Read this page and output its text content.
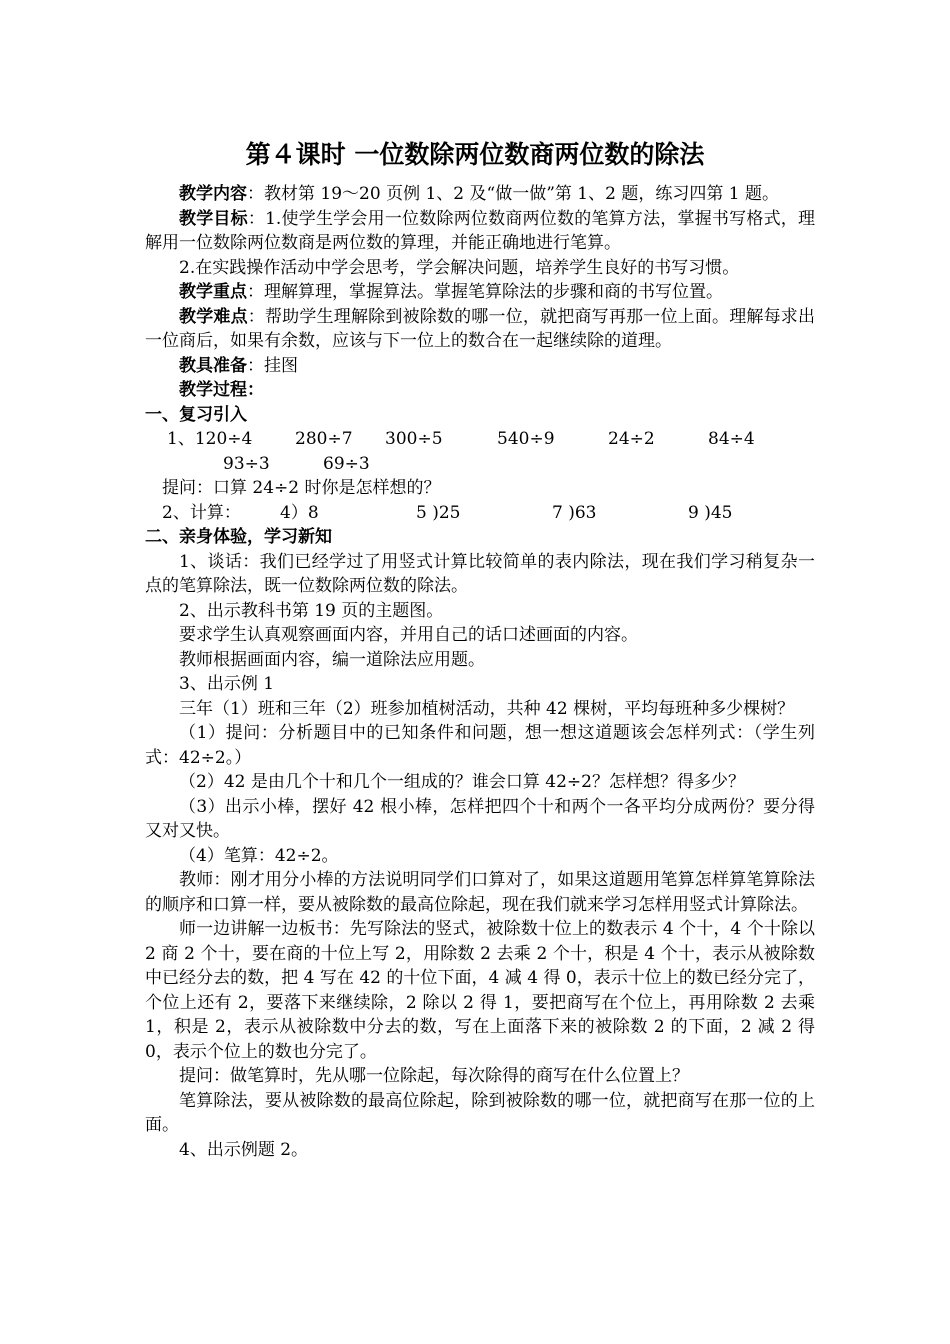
第４课时 一位数除两位数商两位数的除法

教学内容：教材第 19～20 页例 1、2 及“做一做”第 1、2 题，练习四第 1 题。

教学目标：1.使学生学会用一位数除两位数商两位数的笔算方法，掌握书写格式，理解用一位数除两位数商是两位数的算理，并能正确地进行笔算。

2.在实践操作活动中学会思考，学会解决问题，培养学生良好的书写习惯。

教学重点：理解算理，掌握算法。掌握笔算除法的步骤和商的书写位置。

教学难点：帮助学生理解除到被除数的哪一位，就把商写再那一位上面。理解每求出一位商后，如果有余数，应该与下一位上的数合在一起继续除的道理。

教具准备：挂图

教学过程：

一、复习引入

1、120÷4	280÷7	300÷5	540÷9	24÷2	84÷4
93÷3	69÷3

提问：口算 24÷2 时你是怎样想的？

2、计算：	4）8	5 )25	7 )63	9 )45

二、亲身体验，学习新知

1、谈话：我们已经学过了用竖式计算比较简单的表内除法，现在我们学习稍复杂一点的笔算除法，既一位数除两位数的除法。

2、出示教科书第 19 页的主题图。

要求学生认真观察画面内容，并用自己的话口述画面的内容。

教师根据画面内容，编一道除法应用题。

3、出示例 1

三年（1）班和三年（2）班参加植树活动，共种 42 棵树，平均每班种多少棵树？

（1）提问：分析题目中的已知条件和问题，想一想这道题该会怎样列式：（学生列式：42÷2。）

（2）42 是由几个十和几个一组成的？谁会口算 42÷2？怎样想？得多少？

（3）出示小棒，摆好 42 根小棒，怎样把四个十和两个一各平均分成两份？要分得又对又快。

（4）笔算：42÷2。

教师：刚才用分小棒的方法说明同学们口算对了，如果这道题用笔算怎样算笔算除法的顺序和口算一样，要从被除数的最高位除起，现在我们就来学习怎样用竖式计算除法。

师一边讲解一边板书：先写除法的竖式，被除数十位上的数表示 4 个十，4 个十除以 2 商 2 个十，要在商的十位上写 2，用除数 2 去乘 2 个十，积是 4 个十，表示从被除数中已经分去的数，把 4 写在 42 的十位下面，4 减 4 得 0，表示十位上的数已经分完了，个位上还有 2，要落下来继续除，2 除以 2 得 1，要把商写在个位上，再用除数 2 去乘 1，积是 2，表示从被除数中分去的数，写在上面落下来的被除数 2 的下面，2 减 2 得 0，表示个位上的数也分完了。

提问：做笔算时，先从哪一位除起，每次除得的商写在什么位置上？

笔算除法，要从被除数的最高位除起，除到被除数的哪一位，就把商写在那一位的上面。

4、出示例题 2。
